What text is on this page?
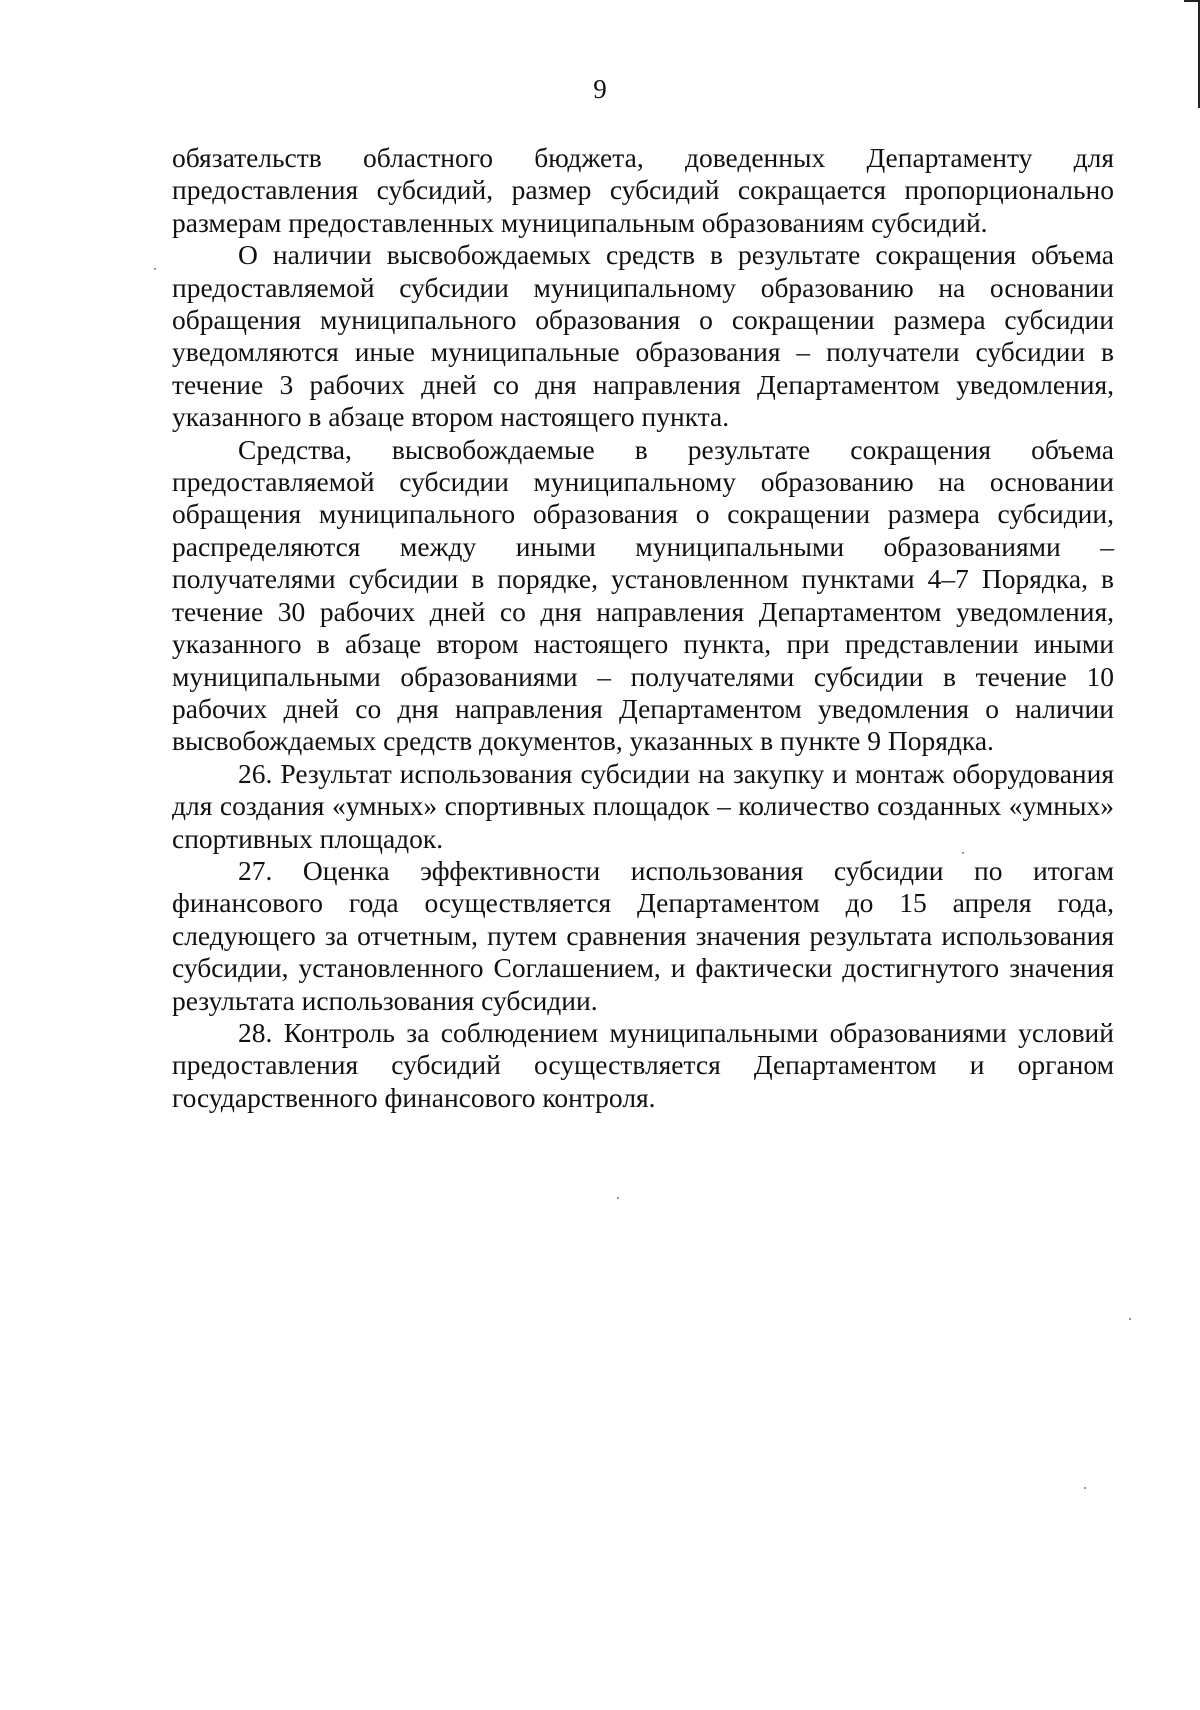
9

обязательств областного бюджета, доведенных Департаменту для предоставления субсидий, размер субсидий сокращается пропорционально размерам предоставленных муниципальным образованиям субсидий.

О наличии высвобождаемых средств в результате сокращения объема предоставляемой субсидии муниципальному образованию на основании обращения муниципального образования о сокращении размера субсидии уведомляются иные муниципальные образования – получатели субсидии в течение 3 рабочих дней со дня направления Департаментом уведомления, указанного в абзаце втором настоящего пункта.

Средства, высвобождаемые в результате сокращения объема предоставляемой субсидии муниципальному образованию на основании обращения муниципального образования о сокращении размера субсидии, распределяются между иными муниципальными образованиями – получателями субсидии в порядке, установленном пунктами 4–7 Порядка, в течение 30 рабочих дней со дня направления Департаментом уведомления, указанного в абзаце втором настоящего пункта, при представлении иными муниципальными образованиями – получателями субсидии в течение 10 рабочих дней со дня направления Департаментом уведомления о наличии высвобождаемых средств документов, указанных в пункте 9 Порядка.

26. Результат использования субсидии на закупку и монтаж оборудования для создания «умных» спортивных площадок – количество созданных «умных» спортивных площадок.

27. Оценка эффективности использования субсидии по итогам финансового года осуществляется Департаментом до 15 апреля года, следующего за отчетным, путем сравнения значения результата использования субсидии, установленного Соглашением, и фактически достигнутого значения результата использования субсидии.

28. Контроль за соблюдением муниципальными образованиями условий предоставления субсидий осуществляется Департаментом и органом государственного финансового контроля.
